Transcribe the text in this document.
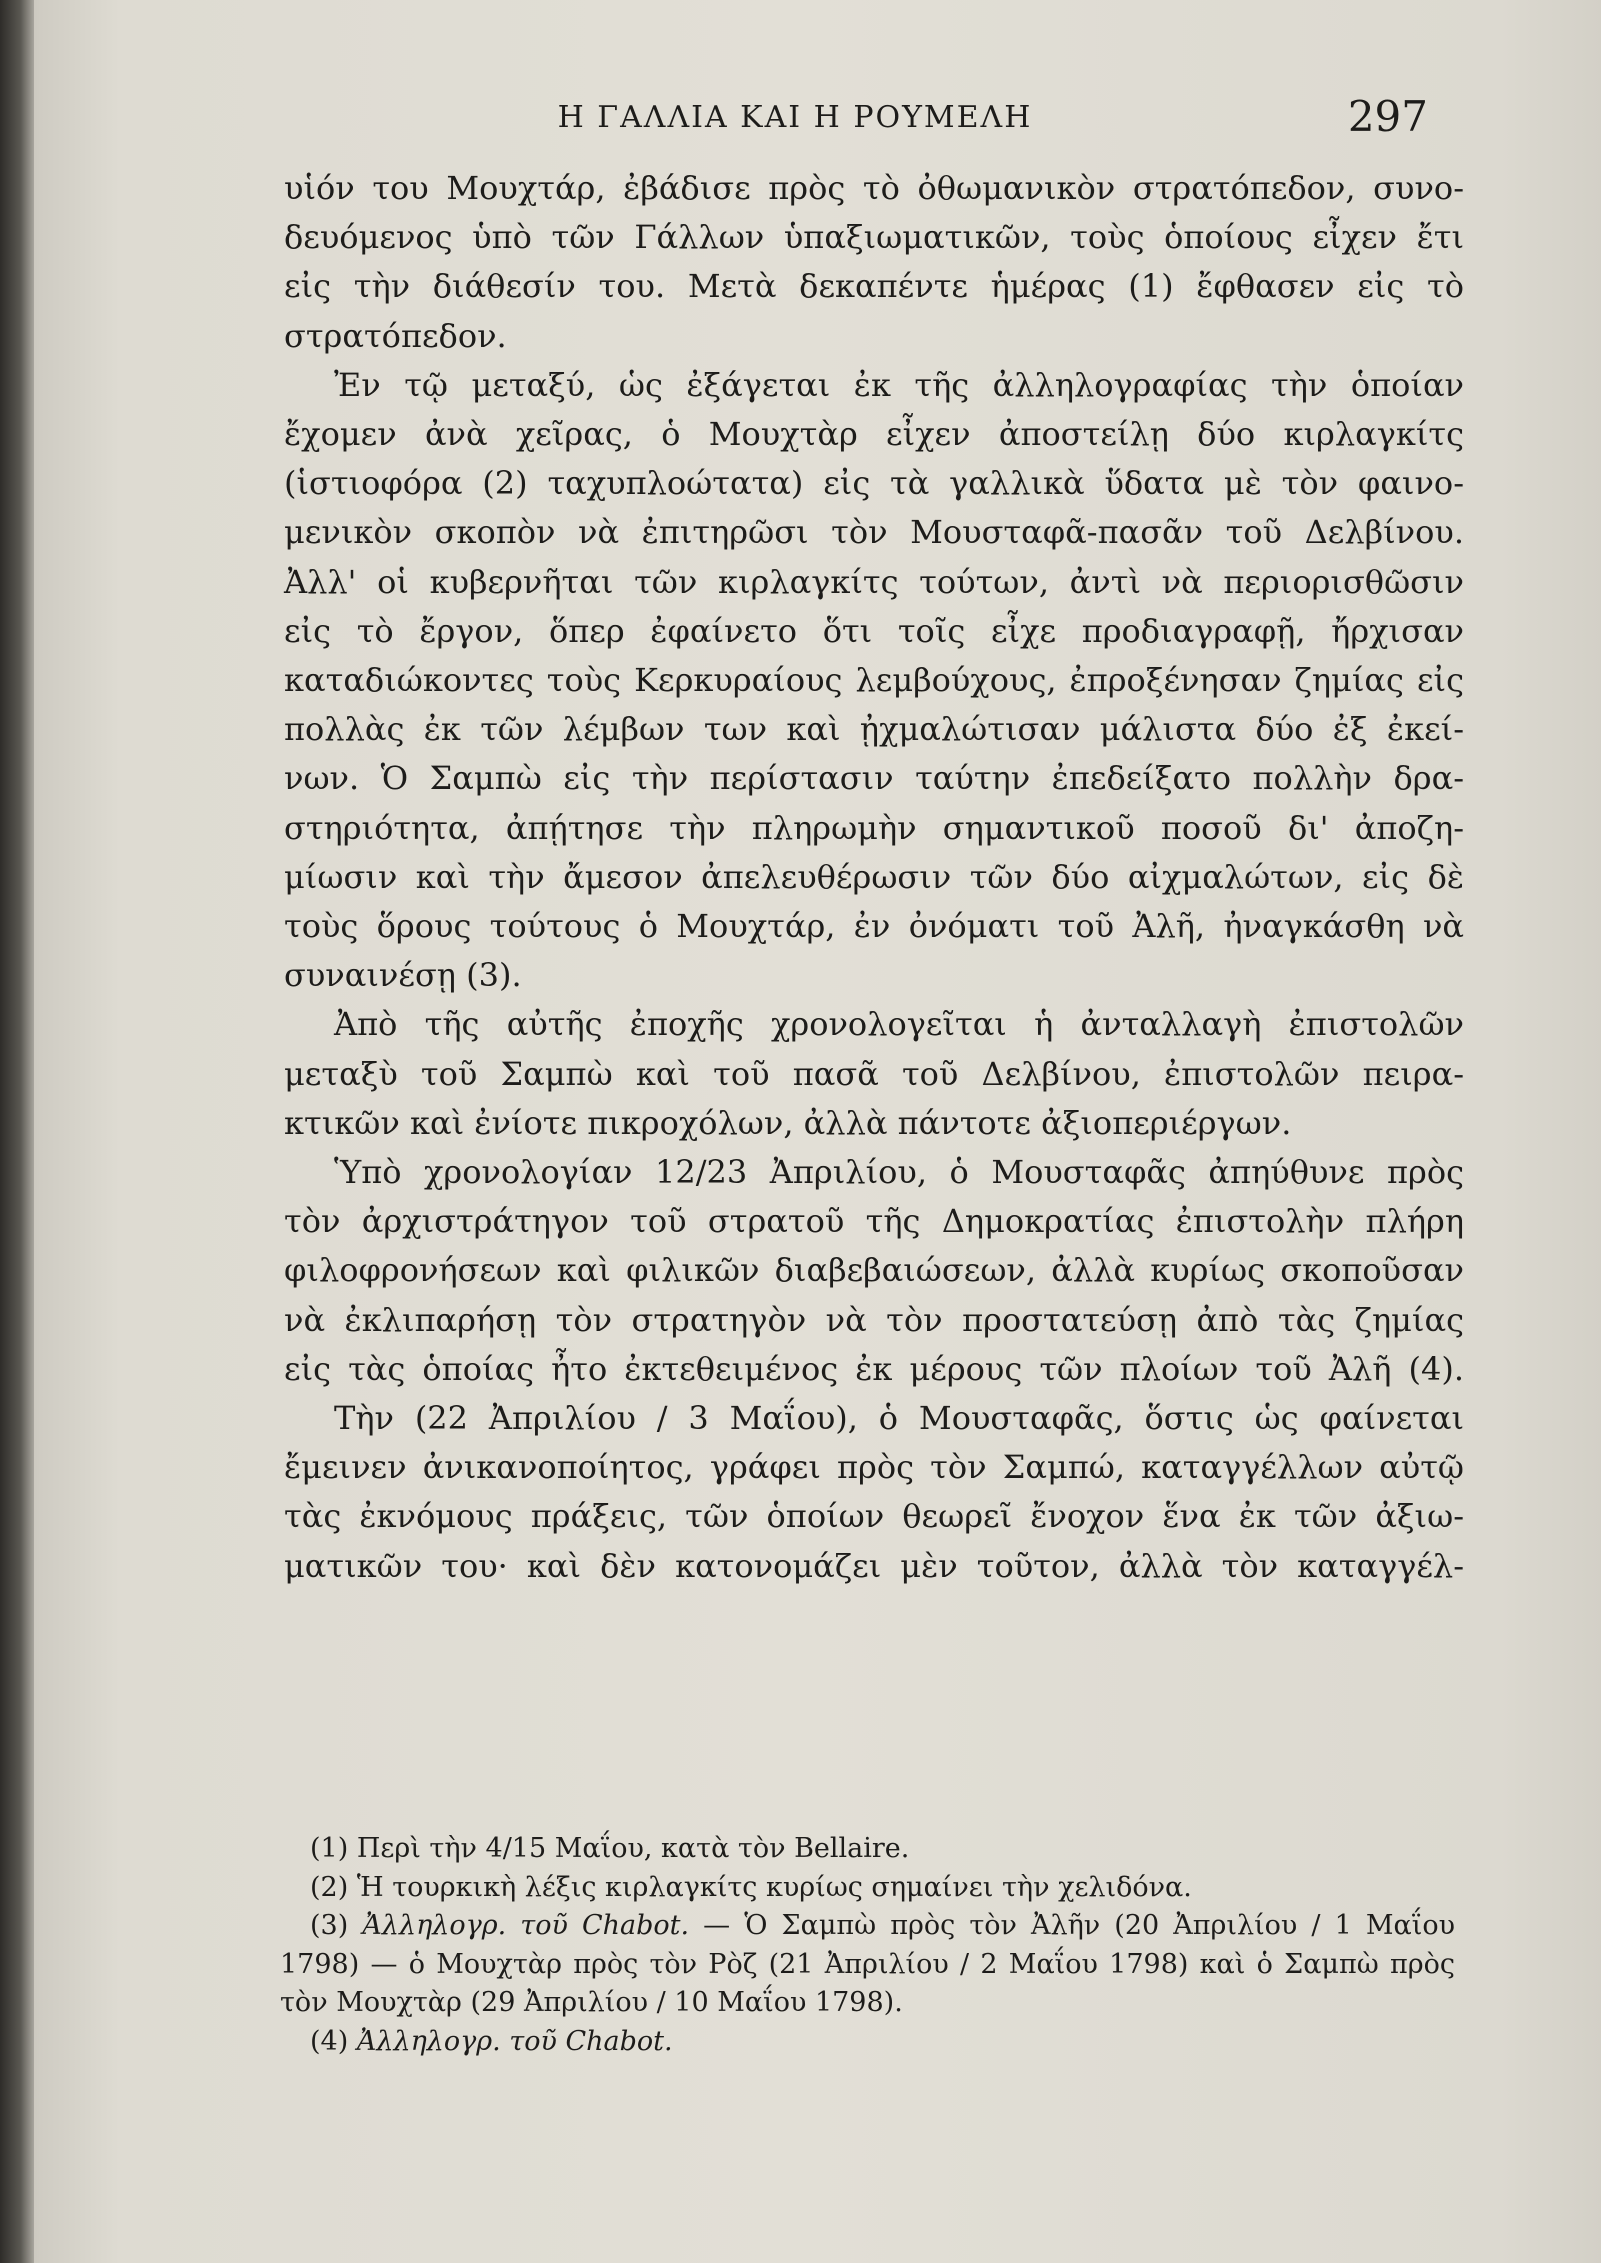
Η ΓΑΛΛΙΑ ΚΑΙ Η ΡΟΥΜΕΛΗ	297
υἱόν του Μουχτάρ, ἐβάδισε πρὸς τὸ ὀθωμανικὸν στρατόπεδον, συνο-
δευόμενος ὑπὸ τῶν Γάλλων ὑπαξιωματικῶν, τοὺς ὁποίους εἶχεν ἔτι
εἰς τὴν διάθεσίν του. Μετὰ δεκαπέντε ἡμέρας (1) ἔφθασεν εἰς τὸ
στρατόπεδον.
Ἐν τῷ μεταξύ, ὡς ἐξάγεται ἐκ τῆς ἀλληλογραφίας τὴν ὁποίαν
ἔχομεν ἀνὰ χεῖρας, ὁ Μουχτὰρ εἶχεν ἀποστείλῃ δύο κιρλαγκίτς
(ἱστιοφόρα (2) ταχυπλοώτατα) εἰς τὰ γαλλικὰ ὕδατα μὲ τὸν φαινο-
μενικὸν σκοπὸν νὰ ἐπιτηρῶσι τὸν Μουσταφᾶ-πασᾶν τοῦ Δελβίνου.
Ἀλλ' οἱ κυβερνῆται τῶν κιρλαγκίτς τούτων, ἀντὶ νὰ περιορισθῶσιν
εἰς τὸ ἔργον, ὅπερ ἐφαίνετο ὅτι τοῖς εἶχε προδιαγραφῇ, ἤρχισαν
καταδιώκοντες τοὺς Κερκυραίους λεμβούχους, ἐπροξένησαν ζημίας εἰς
πολλὰς ἐκ τῶν λέμβων των καὶ ᾐχμαλώτισαν μάλιστα δύο ἐξ ἐκεί-
νων. Ὁ Σαμπὼ εἰς τὴν περίστασιν ταύτην ἐπεδείξατο πολλὴν δρα-
στηριότητα, ἀπῄτησε τὴν πληρωμὴν σημαντικοῦ ποσοῦ δι' ἀποζη-
μίωσιν καὶ τὴν ἄμεσον ἀπελευθέρωσιν τῶν δύο αἰχμαλώτων, εἰς δὲ
τοὺς ὅρους τούτους ὁ Μουχτάρ, ἐν ὀνόματι τοῦ Ἀλῆ, ἠναγκάσθη νὰ
συναινέσῃ (3).
Ἀπὸ τῆς αὐτῆς ἐποχῆς χρονολογεῖται ἡ ἀνταλλαγὴ ἐπιστολῶν
μεταξὺ τοῦ Σαμπὼ καὶ τοῦ πασᾶ τοῦ Δελβίνου, ἐπιστολῶν πειρα-
κτικῶν καὶ ἐνίοτε πικροχόλων, ἀλλὰ πάντοτε ἀξιοπεριέργων.
Ὑπὸ χρονολογίαν 12/23 Ἀπριλίου, ὁ Μουσταφᾶς ἀπηύθυνε πρὸς
τὸν ἀρχιστράτηγον τοῦ στρατοῦ τῆς Δημοκρατίας ἐπιστολὴν πλήρη
φιλοφρονήσεων καὶ φιλικῶν διαβεβαιώσεων, ἀλλὰ κυρίως σκοποῦσαν
νὰ ἐκλιπαρήσῃ τὸν στρατηγὸν νὰ τὸν προστατεύσῃ ἀπὸ τὰς ζημίας
εἰς τὰς ὁποίας ἦτο ἐκτεθειμένος ἐκ μέρους τῶν πλοίων τοῦ Ἀλῆ (4).
Τὴν (22 Ἀπριλίου / 3 Μαΐου), ὁ Μουσταφᾶς, ὅστις ὡς φαίνεται
ἔμεινεν ἀνικανοποίητος, γράφει πρὸς τὸν Σαμπώ, καταγγέλλων αὐτῷ
τὰς ἐκνόμους πράξεις, τῶν ὁποίων θεωρεῖ ἔνοχον ἕνα ἐκ τῶν ἀξιω-
ματικῶν του· καὶ δὲν κατονομάζει μὲν τοῦτον, ἀλλὰ τὸν καταγγέλ-
(1) Περὶ τὴν 4/15 Μαΐου, κατὰ τὸν Bellaire.
(2) Ἡ τουρκικὴ λέξις κιρλαγκίτς κυρίως σημαίνει τὴν χελιδόνα.
(3) Ἀλληλογρ. τοῦ Chabot. — Ὁ Σαμπὼ πρὸς τὸν Ἀλῆν (20 Ἀπριλίου / 1 Μαΐου
1798) — ὁ Μουχτὰρ πρὸς τὸν Ρὸζ (21 Ἀπριλίου / 2 Μαΐου 1798) καὶ ὁ Σαμπὼ πρὸς
τὸν Μουχτὰρ (29 Ἀπριλίου / 10 Μαΐου 1798).
(4) Ἀλληλογρ. τοῦ Chabot.
